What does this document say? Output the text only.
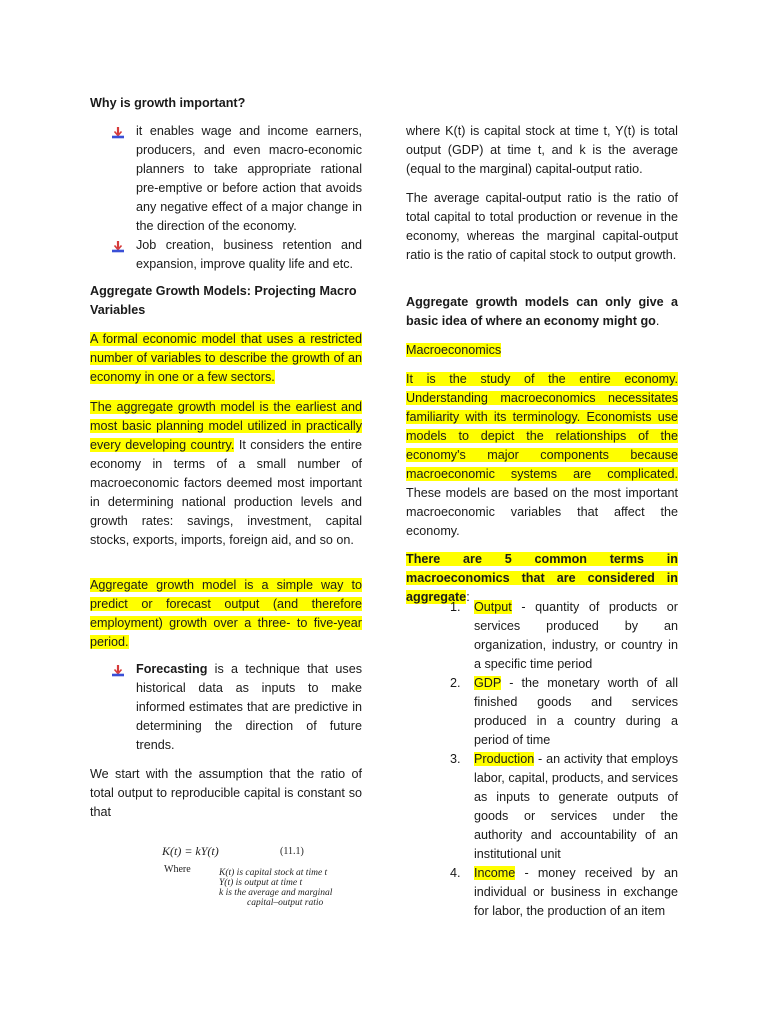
Why is growth important?
it enables wage and income earners, producers, and even macro-economic planners to take appropriate rational pre-emptive or before action that avoids any negative effect of a major change in the direction of the economy.
Job creation, business retention and expansion, improve quality life and etc.
Aggregate Growth Models: Projecting Macro Variables

A formal economic model that uses a restricted number of variables to describe the growth of an economy in one or a few sectors.

The aggregate growth model is the earliest and most basic planning model utilized in practically every developing country. It considers the entire economy in terms of a small number of macroeconomic factors deemed most important in determining national production levels and growth rates: savings, investment, capital stocks, exports, imports, foreign aid, and so on.

Aggregate growth model is a simple way to predict or forecast output (and therefore employment) growth over a three- to five-year period.

Forecasting is a technique that uses historical data as inputs to make informed estimates that are predictive in determining the direction of future trends.

We start with the assumption that the ratio of total output to reproducible capital is constant so that

K(t) = kY(t)	(11.1)
Where	K(t) is capital stock at time t
Y(t) is output at time t
k is the average and marginal
capital–output ratio

where K(t) is capital stock at time t, Y(t) is total output (GDP) at time t, and k is the average (equal to the marginal) capital-output ratio.

The average capital-output ratio is the ratio of total capital to total production or revenue in the economy, whereas the marginal capital-output ratio is the ratio of capital stock to output growth.

Aggregate growth models can only give a basic idea of where an economy might go.

Macroeconomics

It is the study of the entire economy. Understanding macroeconomics necessitates familiarity with its terminology. Economists use models to depict the relationships of the economy's major components because macroeconomic systems are complicated. These models are based on the most important macroeconomic variables that affect the economy.

There are 5 common terms in macroeconomics that are considered in aggregate:

1. Output - quantity of products or services produced by an organization, industry, or country in a specific time period
2. GDP - the monetary worth of all finished goods and services produced in a country during a period of time
3. Production - an activity that employs labor, capital, products, and services as inputs to generate outputs of goods or services under the authority and accountability of an institutional unit
4. Income - money received by an individual or business in exchange for labor, the production of an item
